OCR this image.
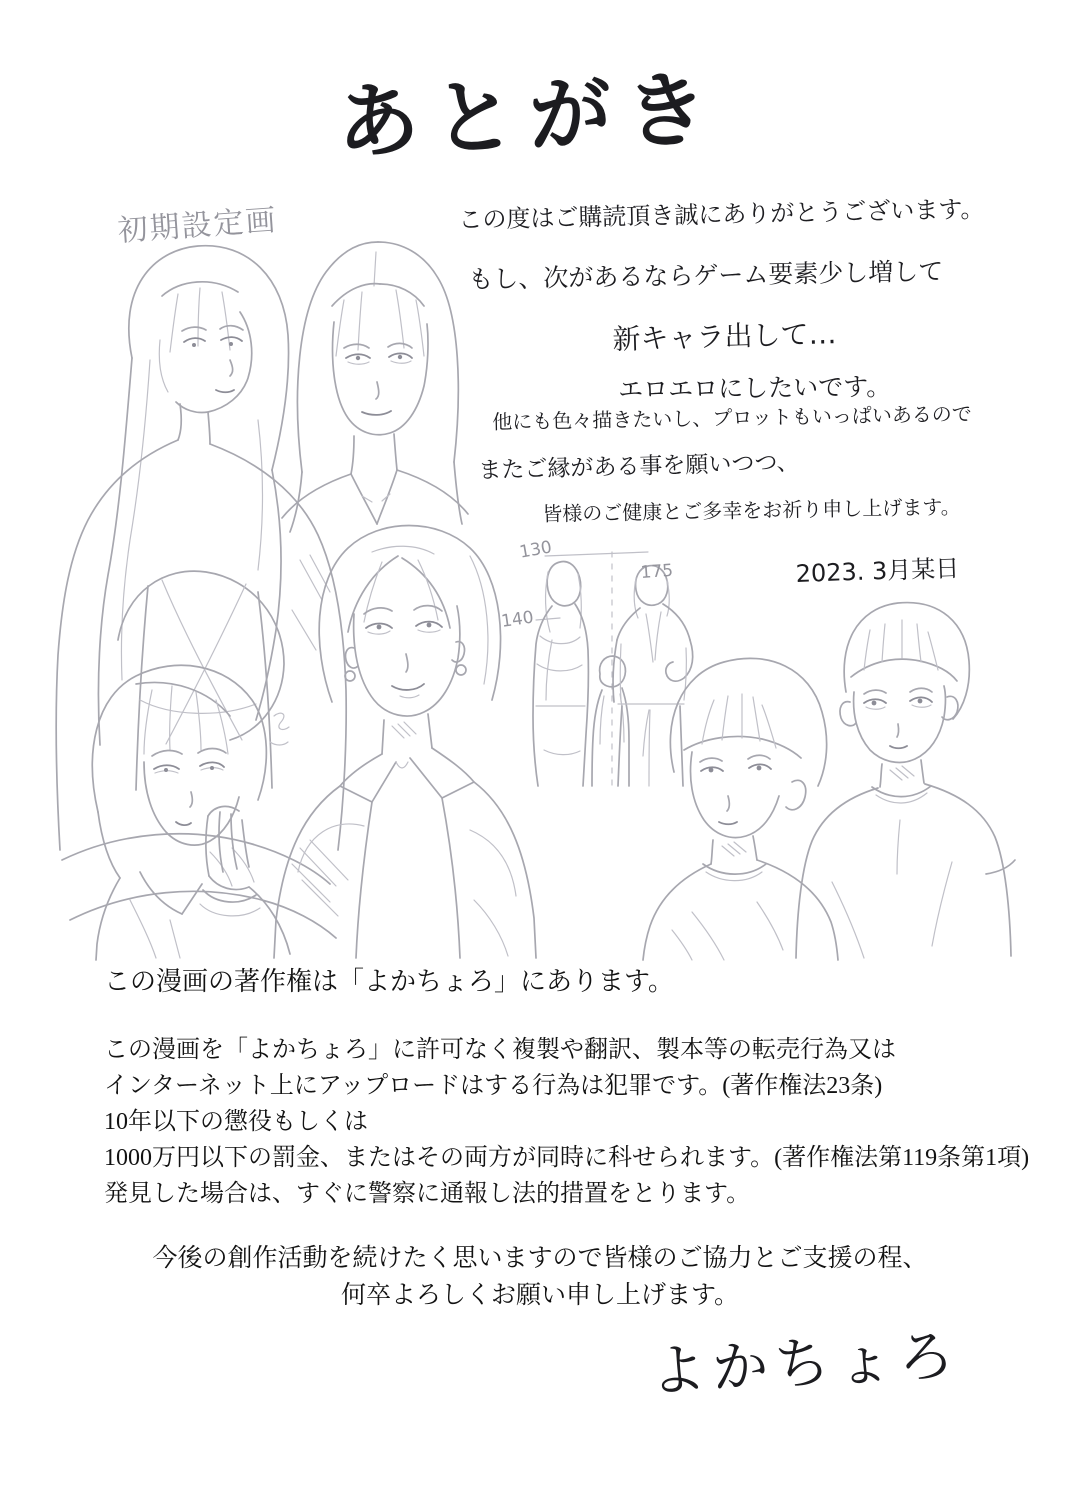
あとがき
初期設定画	この度はご購読頂き誠にありがとうございます。
もし、次があるならゲーム要素少し増して
新キャラ出して…
エロエロにしたいです。
他にも色々描きたいし、プロットもいっぱいあるので
またご縁がある事を願いつつ、
皆様のご健康とご多幸をお祈り申し上げます。
2023. 3月某日
130
140
175
この漫画の著作権は「よかちょろ」にあります。
この漫画を「よかちょろ」に許可なく複製や翻訳、製本等の転売行為又は
インターネット上にアップロードはする行為は犯罪です。(著作権法23条)
10年以下の懲役もしくは
1000万円以下の罰金、またはその両方が同時に科せられます。(著作権法第119条第1項)
発見した場合は、すぐに警察に通報し法的措置をとります。
今後の創作活動を続けたく思いますので皆様のご協力とご支援の程、
何卒よろしくお願い申し上げます。
よかちょろ
